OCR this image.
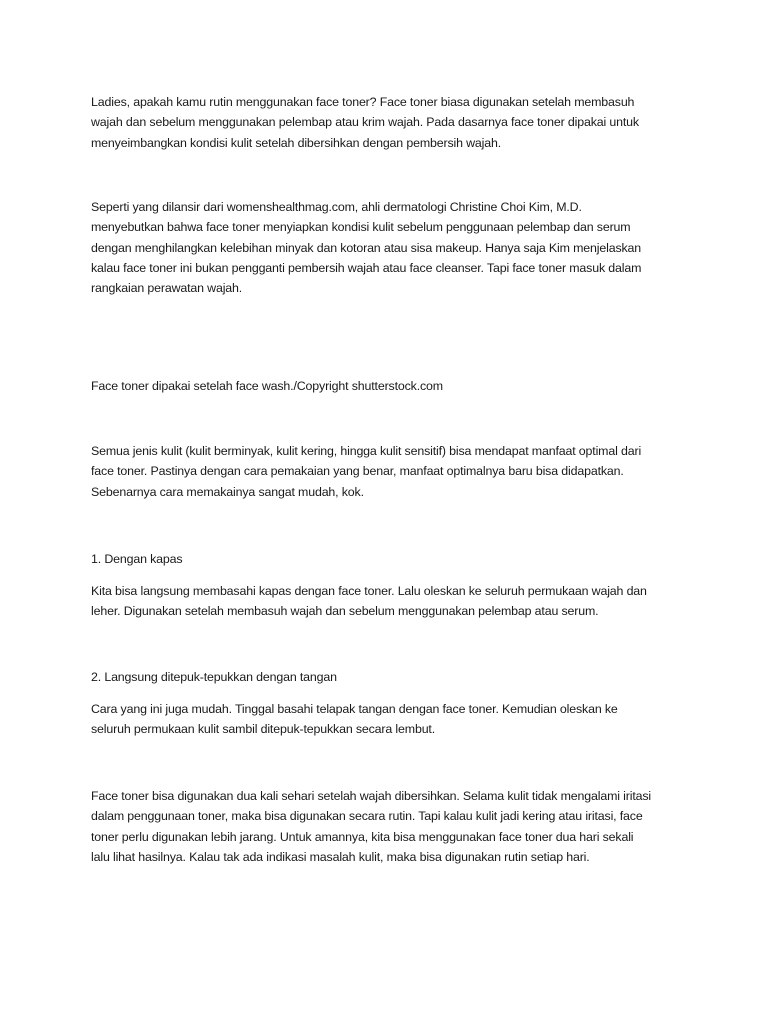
Ladies, apakah kamu rutin menggunakan face toner? Face toner biasa digunakan setelah membasuh
wajah dan sebelum menggunakan pelembap atau krim wajah. Pada dasarnya face toner dipakai untuk
menyeimbangkan kondisi kulit setelah dibersihkan dengan pembersih wajah.

Seperti yang dilansir dari womenshealthmag.com, ahli dermatologi Christine Choi Kim, M.D.
menyebutkan bahwa face toner menyiapkan kondisi kulit sebelum penggunaan pelembap dan serum
dengan menghilangkan kelebihan minyak dan kotoran atau sisa makeup. Hanya saja Kim menjelaskan
kalau face toner ini bukan pengganti pembersih wajah atau face cleanser. Tapi face toner masuk dalam
rangkaian perawatan wajah.

Face toner dipakai setelah face wash./Copyright shutterstock.com

Semua jenis kulit (kulit berminyak, kulit kering, hingga kulit sensitif) bisa mendapat manfaat optimal dari
face toner. Pastinya dengan cara pemakaian yang benar, manfaat optimalnya baru bisa didapatkan.
Sebenarnya cara memakainya sangat mudah, kok.

1. Dengan kapas

Kita bisa langsung membasahi kapas dengan face toner. Lalu oleskan ke seluruh permukaan wajah dan
leher. Digunakan setelah membasuh wajah dan sebelum menggunakan pelembap atau serum.

2. Langsung ditepuk-tepukkan dengan tangan

Cara yang ini juga mudah. Tinggal basahi telapak tangan dengan face toner. Kemudian oleskan ke
seluruh permukaan kulit sambil ditepuk-tepukkan secara lembut.

Face toner bisa digunakan dua kali sehari setelah wajah dibersihkan. Selama kulit tidak mengalami iritasi
dalam penggunaan toner, maka bisa digunakan secara rutin. Tapi kalau kulit jadi kering atau iritasi, face
toner perlu digunakan lebih jarang. Untuk amannya, kita bisa menggunakan face toner dua hari sekali
lalu lihat hasilnya. Kalau tak ada indikasi masalah kulit, maka bisa digunakan rutin setiap hari.
